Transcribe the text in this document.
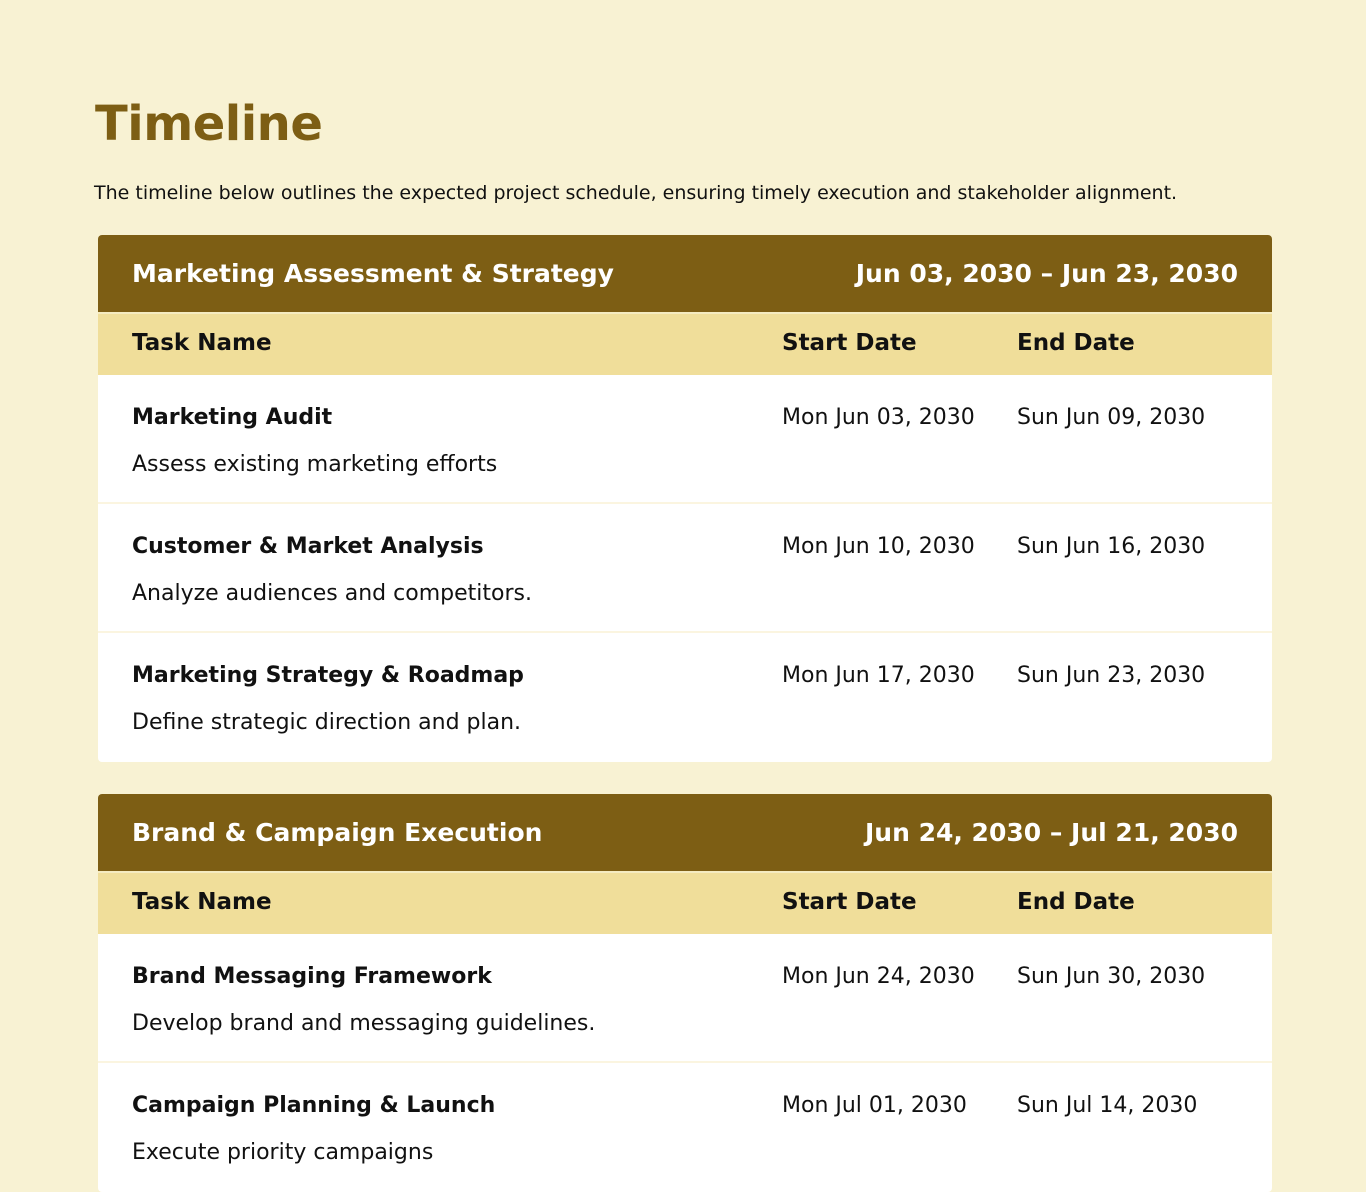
Timeline

The timeline below outlines the expected project schedule, ensuring timely execution and stakeholder alignment.

Marketing Assessment & Strategy	Jun 03, 2030 – Jun 23, 2030
Task Name	Start Date	End Date
Marketing Audit
Assess existing marketing efforts
Mon Jun 03, 2030 Sun Jun 09, 2030
Customer & Market Analysis
Analyze audiences and competitors.
Mon Jun 10, 2030 Sun Jun 16, 2030
Marketing Strategy & Roadmap
Define strategic direction and plan.
Mon Jun 17, 2030 Sun Jun 23, 2030
Brand & Campaign Execution	Jun 24, 2030 – Jul 21, 2030
Task Name	Start Date	End Date
Brand Messaging Framework
Develop brand and messaging guidelines.
Mon Jun 24, 2030 Sun Jun 30, 2030
Campaign Planning & Launch
Execute priority campaigns
Mon Jul 01, 2030 Sun Jul 14, 2030
